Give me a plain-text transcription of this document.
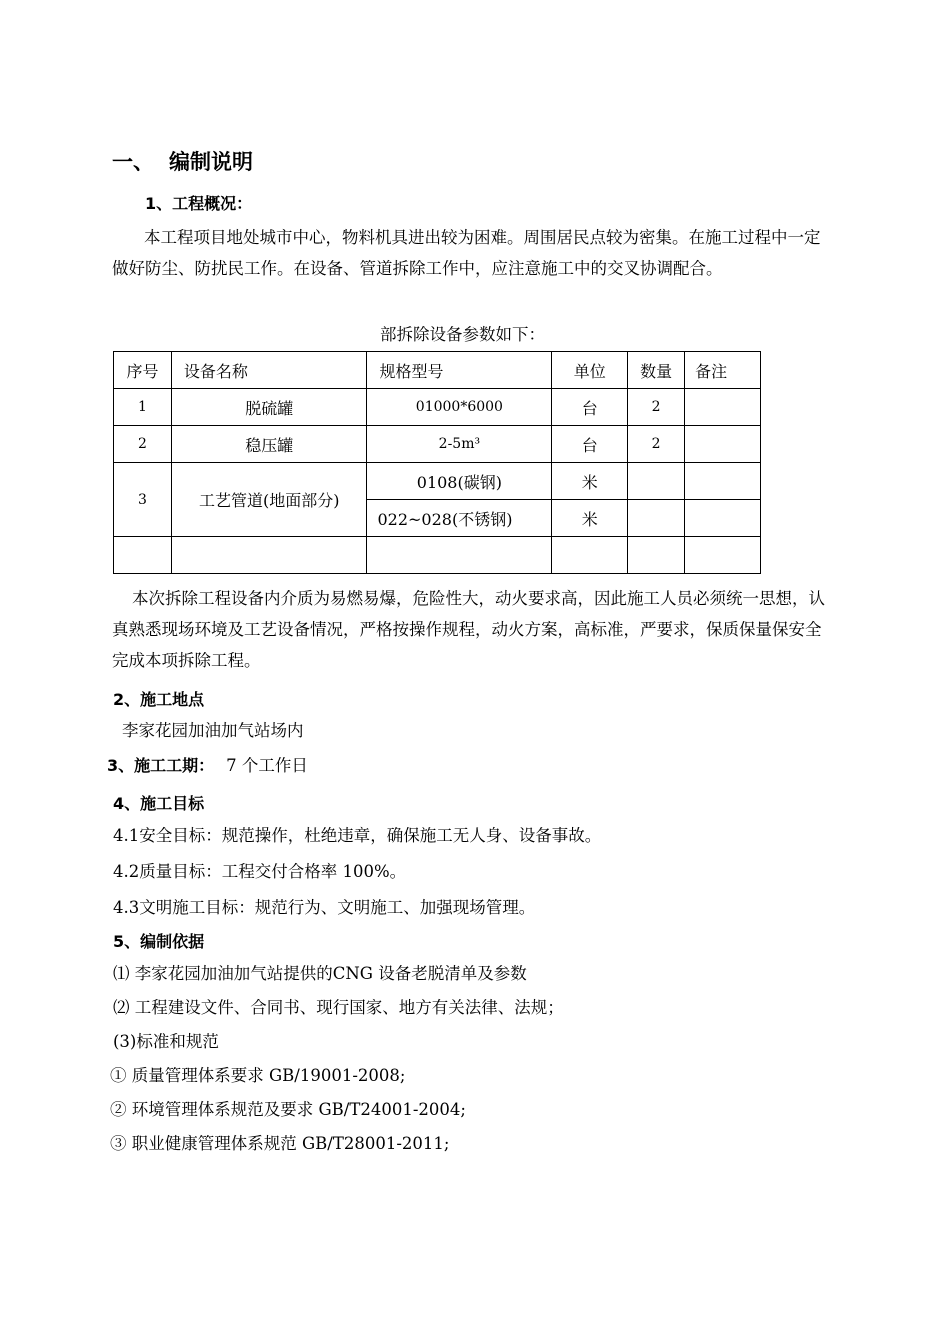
一、 编制说明
1、工程概况：
本工程项目地处城市中心，物料机具进出较为困难。周围居民点较为密集。在施工过程中一定做好防尘、防扰民工作。在设备、管道拆除工作中，应注意施工中的交叉协调配合。
部拆除设备参数如下：
序号	设备名称	规格型号	单位	数量	备注
1	脱硫罐	01000*6000	台	2	
2	稳压罐	2-5m³	台	2	
3	工艺管道(地面部分)	0108(碳钢)	米		
		022~028(不锈钢)	米		

本次拆除工程设备内介质为易燃易爆，危险性大，动火要求高，因此施工人员必须统一思想，认真熟悉现场环境及工艺设备情况，严格按操作规程，动火方案，高标准，严要求，保质保量保安全完成本项拆除工程。
2、施工地点
李家花园加油加气站场内
3、施工工期： 7 个工作日
4、施工目标
4.1安全目标：规范操作，杜绝违章，确保施工无人身、设备事故。
4.2质量目标：工程交付合格率 100%。
4.3文明施工目标：规范行为、文明施工、加强现场管理。
5、编制依据
⑴ 李家花园加油加气站提供的CNG 设备老脱清单及参数
⑵ 工程建设文件、合同书、现行国家、地方有关法律、法规；
(3)标准和规范
① 质量管理体系要求 GB/19001-2008;
② 环境管理体系规范及要求 GB/T24001-2004;
③ 职业健康管理体系规范 GB/T28001-2011;
